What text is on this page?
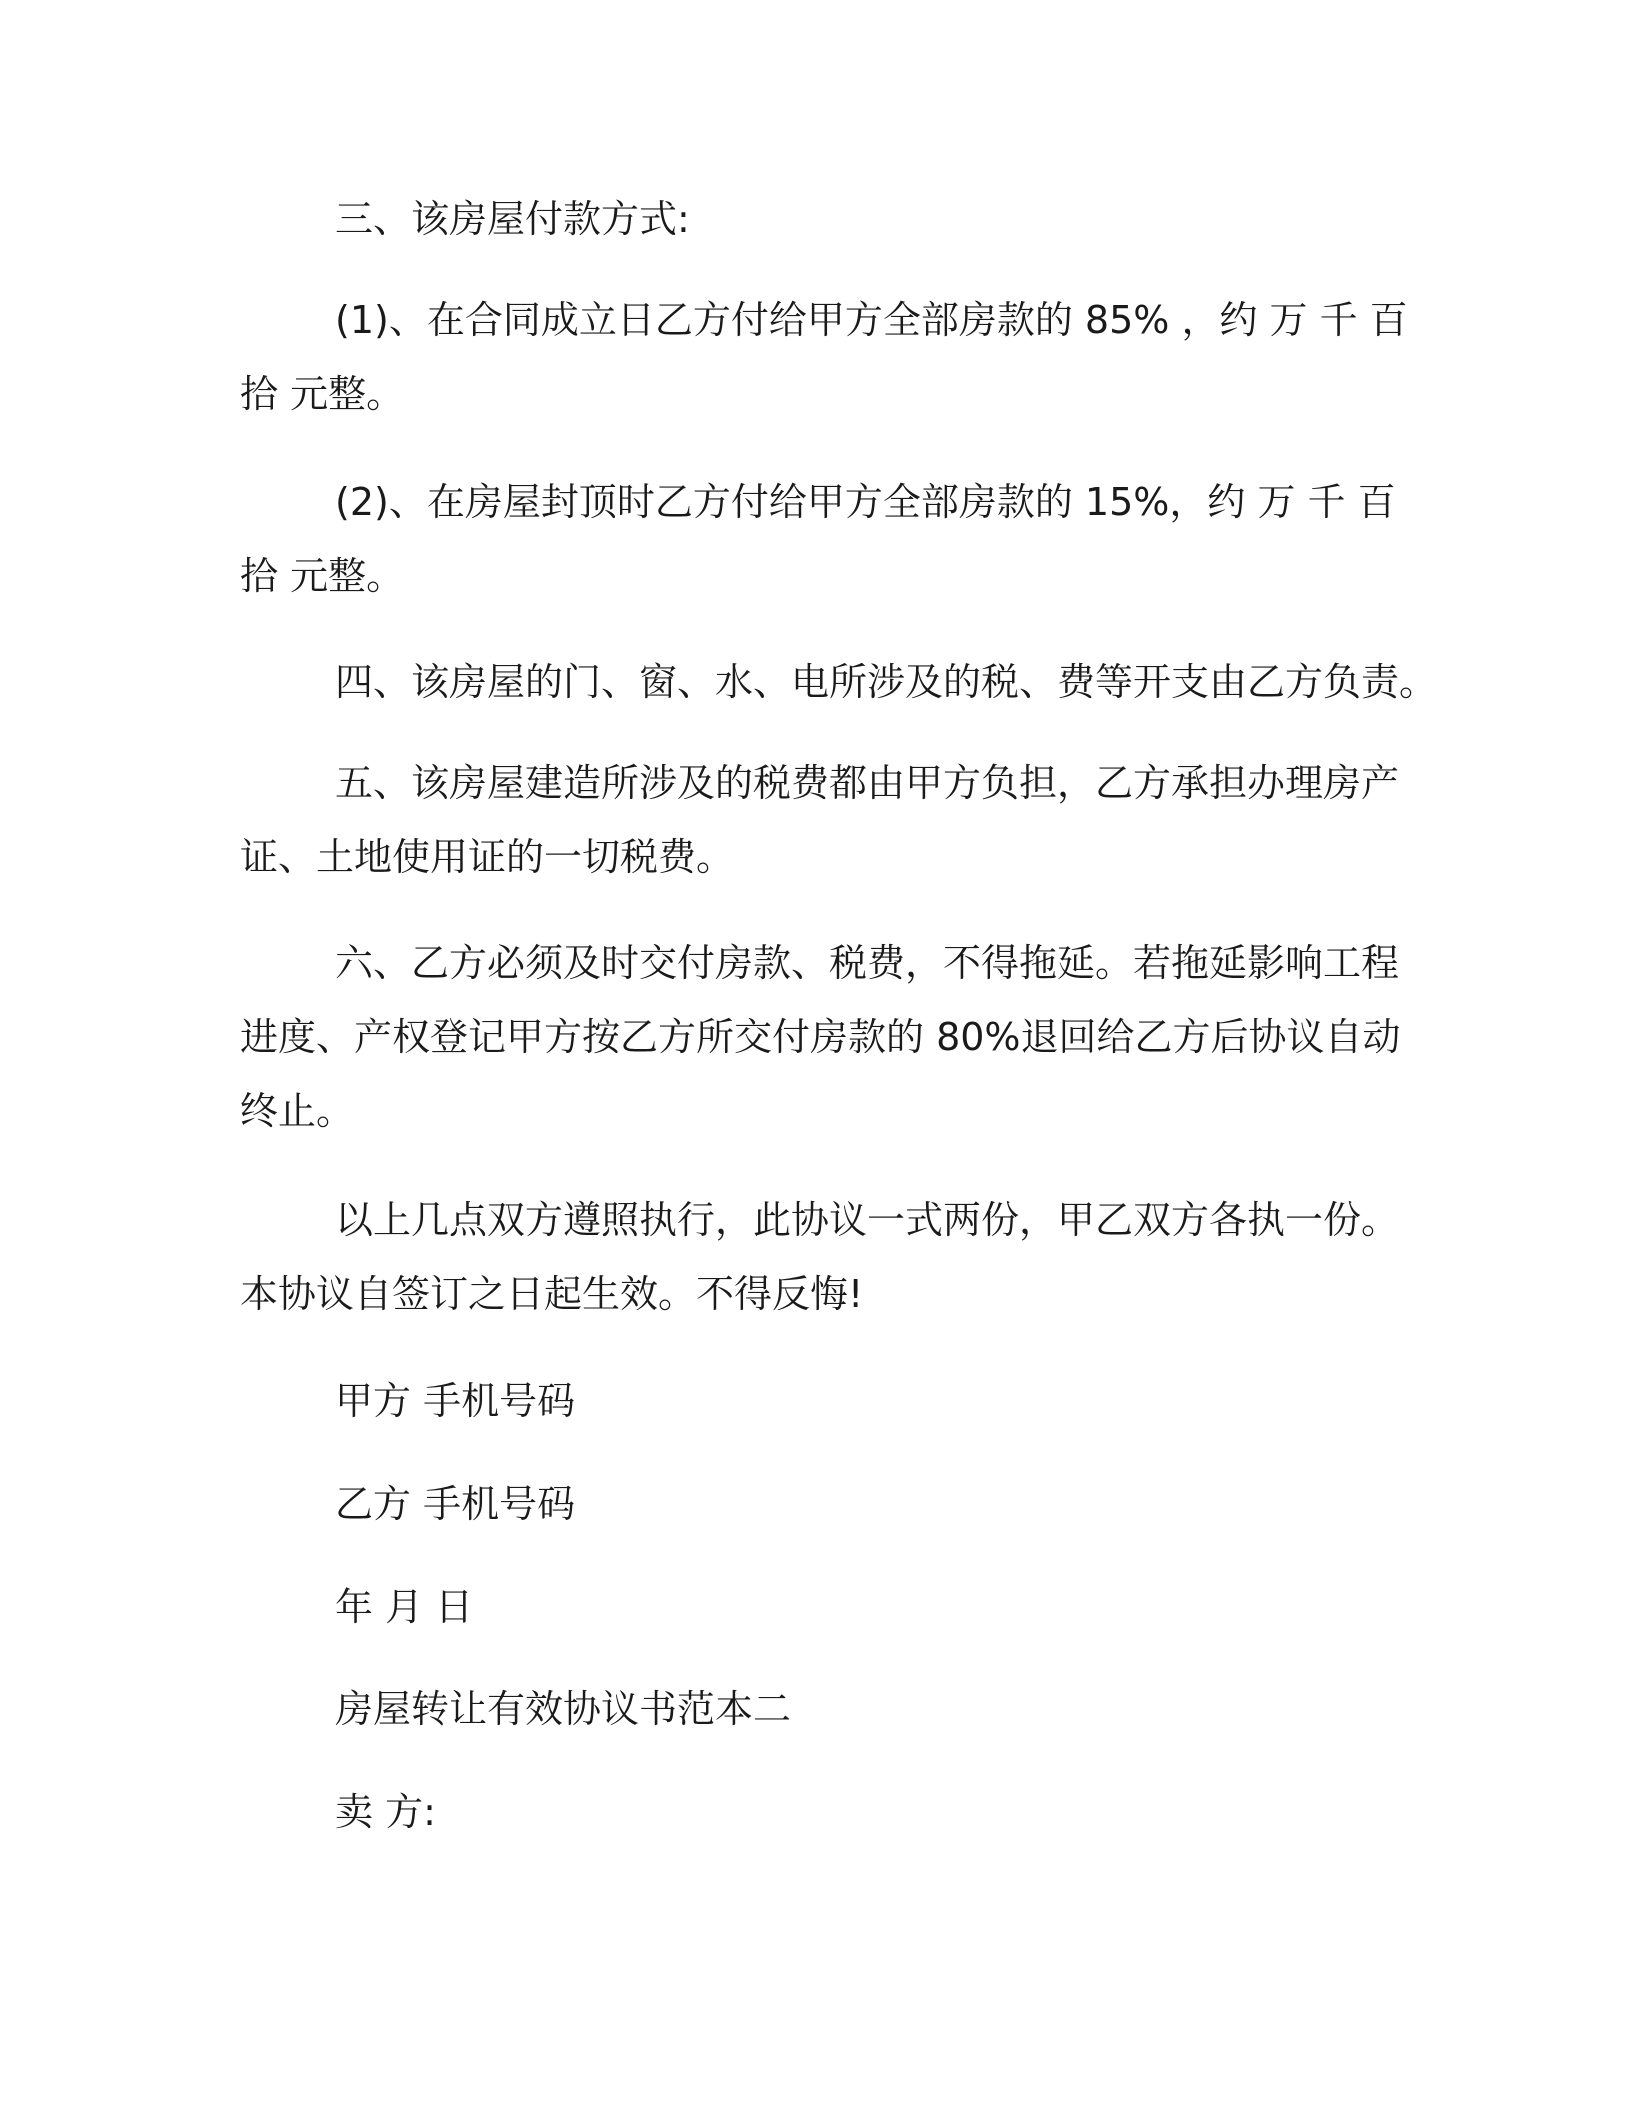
三、该房屋付款方式:
(1)、在合同成立日乙方付给甲方全部房款的 85% ，约 万 千 百
拾 元整。
(2)、在房屋封顶时乙方付给甲方全部房款的 15%，约 万 千 百
拾 元整。
四、该房屋的门、窗、水、电所涉及的税、费等开支由乙方负责。
五、该房屋建造所涉及的税费都由甲方负担，乙方承担办理房产
证、土地使用证的一切税费。
六、乙方必须及时交付房款、税费，不得拖延。若拖延影响工程
进度、产权登记甲方按乙方所交付房款的 80%退回给乙方后协议自动
终止。
以上几点双方遵照执行，此协议一式两份，甲乙双方各执一份。
本协议自签订之日起生效。不得反悔!
甲方 手机号码
乙方 手机号码
年 月 日
房屋转让有效协议书范本二
卖 方:
